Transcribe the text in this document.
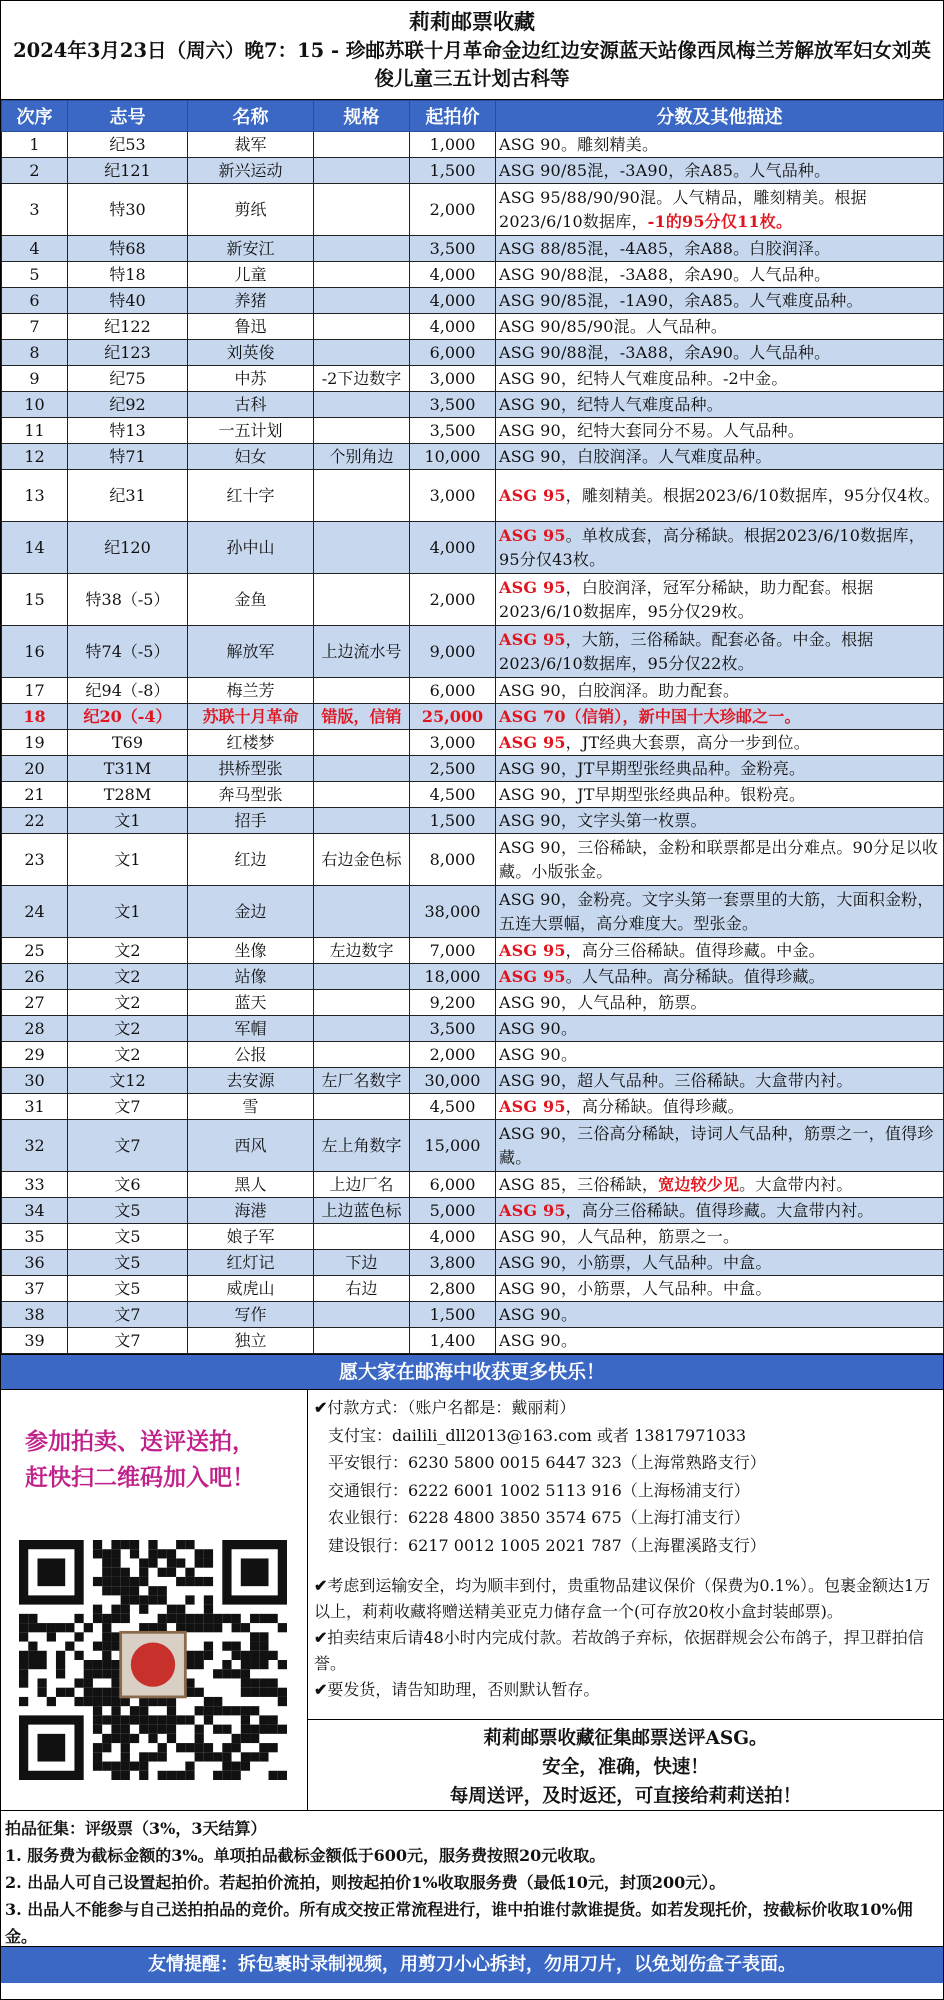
莉莉邮票收藏
2024年3月23日（周六）晚7：15 - 珍邮苏联十月革命金边红边安源蓝天站像西凤梅兰芳解放军妇女刘英俊儿童三五计划古科等
次序	志号	名称	规格	起拍价	分数及其他描述
1	纪53	裁军		1,000	ASG 90。雕刻精美。
2	纪121	新兴运动		1,500	ASG 90/85混，-3A90，余A85。人气品种。
3	特30	剪纸		2,000	ASG 95/88/90/90混。人气精品，雕刻精美。根据2023/6/10数据库，-1的95分仅11枚。
4	特68	新安江		3,500	ASG 88/85混，-4A85，余A88。白胶润泽。
5	特18	儿童		4,000	ASG 90/88混，-3A88，余A90。人气品种。
6	特40	养猪		4,000	ASG 90/85混，-1A90，余A85。人气难度品种。
7	纪122	鲁迅		4,000	ASG 90/85/90混。人气品种。
8	纪123	刘英俊		6,000	ASG 90/88混，-3A88，余A90。人气品种。
9	纪75	中苏	-2下边数字	3,000	ASG 90，纪特人气难度品种。-2中金。
10	纪92	古科		3,500	ASG 90，纪特人气难度品种。
11	特13	一五计划		3,500	ASG 90，纪特大套同分不易。人气品种。
12	特71	妇女	个别角边	10,000	ASG 90，白胶润泽。人气难度品种。
13	纪31	红十字		3,000	ASG 95，雕刻精美。根据2023/6/10数据库，95分仅4枚。
14	纪120	孙中山		4,000	ASG 95。单枚成套，高分稀缺。根据2023/6/10数据库，95分仅43枚。
15	特38（-5）	金鱼		2,000	ASG 95，白胶润泽，冠军分稀缺，助力配套。根据2023/6/10数据库，95分仅29枚。
16	特74（-5）	解放军	上边流水号	9,000	ASG 95，大筋，三俗稀缺。配套必备。中金。根据2023/6/10数据库，95分仅22枚。
17	纪94（-8）	梅兰芳		6,000	ASG 90，白胶润泽。助力配套。
18	纪20（-4）	苏联十月革命	错版，信销	25,000	ASG 70（信销），新中国十大珍邮之一。
19	T69	红楼梦		3,000	ASG 95，JT经典大套票，高分一步到位。
20	T31M	拱桥型张		2,500	ASG 90，JT早期型张经典品种。金粉亮。
21	T28M	奔马型张		4,500	ASG 90，JT早期型张经典品种。银粉亮。
22	文1	招手		1,500	ASG 90，文字头第一枚票。
23	文1	红边	右边金色标	8,000	ASG 90，三俗稀缺，金粉和联票都是出分难点。90分足以收藏。小版张金。
24	文1	金边		38,000	ASG 90，金粉亮。文字头第一套票里的大筋，大面积金粉，五连大票幅，高分难度大。型张金。
25	文2	坐像	左边数字	7,000	ASG 95，高分三俗稀缺。值得珍藏。中金。
26	文2	站像		18,000	ASG 95。人气品种。高分稀缺。值得珍藏。
27	文2	蓝天		9,200	ASG 90，人气品种，筋票。
28	文2	军帽		3,500	ASG 90。
29	文2	公报		2,000	ASG 90。
30	文12	去安源	左厂名数字	30,000	ASG 90，超人气品种。三俗稀缺。大盒带内衬。
31	文7	雪		4,500	ASG 95，高分稀缺。值得珍藏。
32	文7	西风	左上角数字	15,000	ASG 90，三俗高分稀缺，诗词人气品种，筋票之一，值得珍藏。
33	文6	黑人	上边厂名	6,000	ASG 85，三俗稀缺，宽边较少见。大盒带内衬。
34	文5	海港	上边蓝色标	5,000	ASG 95，高分三俗稀缺。值得珍藏。大盒带内衬。
35	文5	娘子军		4,000	ASG 90，人气品种，筋票之一。
36	文5	红灯记	下边	3,800	ASG 90，小筋票，人气品种。中盒。
37	文5	威虎山	右边	2,800	ASG 90，小筋票，人气品种。中盒。
38	文7	写作		1,500	ASG 90。
39	文7	独立		1,400	ASG 90。
愿大家在邮海中收获更多快乐！
参加拍卖、送评送拍，
赶快扫二维码加入吧！
✔付款方式：（账户名都是：戴丽莉）
支付宝：dailili_dll2013@163.com 或者 13817971033
平安银行：6230 5800 0015 6447 323（上海常熟路支行）
交通银行：6222 6001 1002 5113 916（上海杨浦支行）
农业银行：6228 4800 3850 3574 675（上海打浦支行）
建设银行：6217 0012 1005 2021 787（上海瞿溪路支行）
✔考虑到运输安全，均为顺丰到付，贵重物品建议保价（保费为0.1%）。包裹金额达1万以上，莉莉收藏将赠送精美亚克力储存盒一个(可存放20枚小盒封装邮票)。
✔拍卖结束后请48小时内完成付款。若故鸽子弃标，依据群规会公布鸽子，捍卫群拍信誉。
✔要发货，请告知助理，否则默认暂存。
莉莉邮票收藏征集邮票送评ASG。
安全，准确，快速！
每周送评，及时返还，可直接给莉莉送拍！
拍品征集：评级票（3%，3天结算）
1. 服务费为截标金额的3%。单项拍品截标金额低于600元，服务费按照20元收取。
2. 出品人可自己设置起拍价。若起拍价流拍，则按起拍价1%收取服务费（最低10元，封顶200元）。
3. 出品人不能参与自己送拍拍品的竞价。所有成交按正常流程进行，谁中拍谁付款谁提货。如若发现托价，按截标价收取10%佣金。
友情提醒：拆包裹时录制视频，用剪刀小心拆封，勿用刀片，以免划伤盒子表面。
